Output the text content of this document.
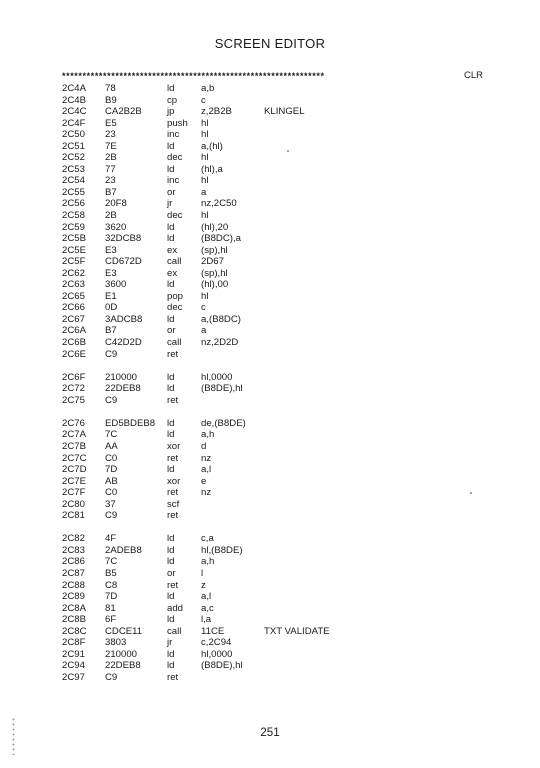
SCREEN EDITOR
****************************************************************	CLR
2C4A	78	ld	a,b
2C4B	B9	cp	c
2C4C	CA2B2B	jp	z,2B2B	KLINGEL
2C4F	E5	push	hl
2C50	23	inc	hl
2C51	7E	ld	a,(hl)
2C52	2B	dec	hl
2C53	77	ld	(hl),a
2C54	23	inc	hl
2C55	B7	or	a
2C56	20F8	jr	nz,2C50
2C58	2B	dec	hl
2C59	3620	ld	(hl),20
2C5B	32DCB8	ld	(B8DC),a
2C5E	E3	ex	(sp),hl
2C5F	CD672D	call	2D67
2C62	E3	ex	(sp),hl
2C63	3600	ld	(hl),00
2C65	E1	pop	hl
2C66	0D	dec	c
2C67	3ADCB8	ld	a,(B8DC)
2C6A	B7	or	a
2C6B	C42D2D	call	nz,2D2D
2C6E	C9	ret
2C6F	210000	ld	hl,0000
2C72	22DEB8	ld	(B8DE),hl
2C75	C9	ret
2C76	ED5BDEB8	ld	de,(B8DE)
2C7A	7C	ld	a,h
2C7B	AA	xor	d
2C7C	C0	ret	nz
2C7D	7D	ld	a,l
2C7E	AB	xor	e
2C7F	C0	ret	nz
2C80	37	scf
2C81	C9	ret
2C82	4F	ld	c,a
2C83	2ADEB8	ld	hl,(B8DE)
2C86	7C	ld	a,h
2C87	B5	or	l
2C88	C8	ret	z
2C89	7D	ld	a,l
2C8A	81	add	a,c
2C8B	6F	ld	l,a
2C8C	CDCE11	call	11CE	TXT VALIDATE
2C8F	3803	jr	c,2C94
2C91	210000	ld	hl,0000
2C94	22DEB8	ld	(B8DE),hl
2C97	C9	ret
251
